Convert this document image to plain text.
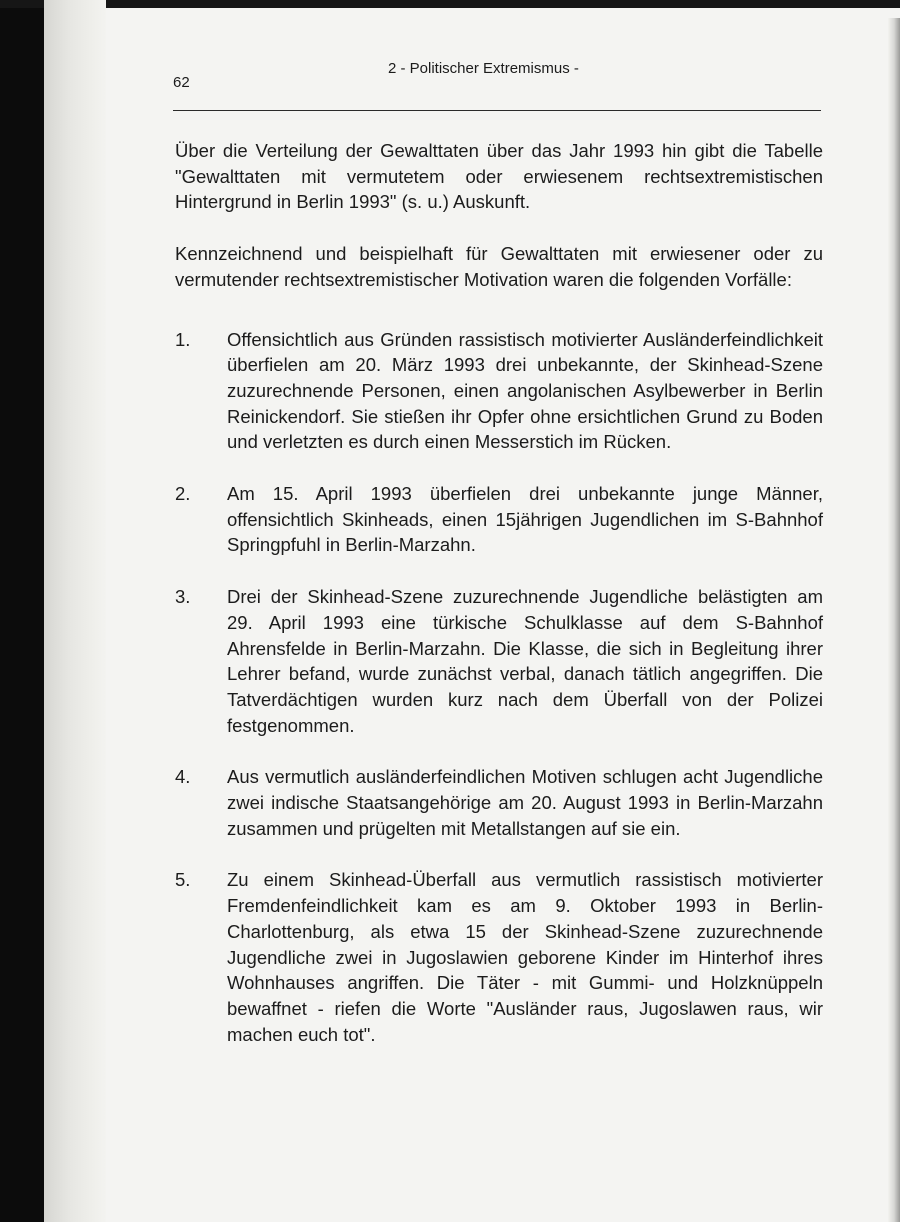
62
2 - Politischer Extremismus -

Über die Verteilung der Gewalttaten über das Jahr 1993 hin gibt die Tabelle "Gewalttaten mit vermutetem oder erwiesenem rechtsextremistischen Hintergrund in Berlin 1993" (s. u.) Auskunft.

Kennzeichnend und beispielhaft für Gewalttaten mit erwiesener oder zu vermutender rechtsextremistischer Motivation waren die folgenden Vorfälle:

1.	Offensichtlich aus Gründen rassistisch motivierter Ausländerfeindlichkeit überfielen am 20. März 1993 drei unbekannte, der Skinhead-Szene zuzurechnende Personen, einen angolanischen Asylbewerber in Berlin Reinickendorf. Sie stießen ihr Opfer ohne ersichtlichen Grund zu Boden und verletzten es durch einen Messerstich im Rücken.
2.	Am 15. April 1993 überfielen drei unbekannte junge Männer, offensichtlich Skinheads, einen 15jährigen Jugendlichen im S-Bahnhof Springpfuhl in Berlin-Marzahn.
3.	Drei der Skinhead-Szene zuzurechnende Jugendliche belästigten am 29. April 1993 eine türkische Schulklasse auf dem S-Bahnhof Ahrensfelde in Berlin-Marzahn. Die Klasse, die sich in Begleitung ihrer Lehrer befand, wurde zunächst verbal, danach tätlich angegriffen. Die Tatverdächtigen wurden kurz nach dem Überfall von der Polizei festgenommen.
4.	Aus vermutlich ausländerfeindlichen Motiven schlugen acht Jugendliche zwei indische Staatsangehörige am 20. August 1993 in Berlin-Marzahn zusammen und prügelten mit Metallstangen auf sie ein.
5.	Zu einem Skinhead-Überfall aus vermutlich rassistisch motivierter Fremdenfeindlichkeit kam es am 9. Oktober 1993 in Berlin-Charlottenburg, als etwa 15 der Skinhead-Szene zuzurechnende Jugendliche zwei in Jugoslawien geborene Kinder im Hinterhof ihres Wohnhauses angriffen. Die Täter - mit Gummi- und Holzknüppeln bewaffnet - riefen die Worte "Ausländer raus, Jugoslawen raus, wir machen euch tot".
